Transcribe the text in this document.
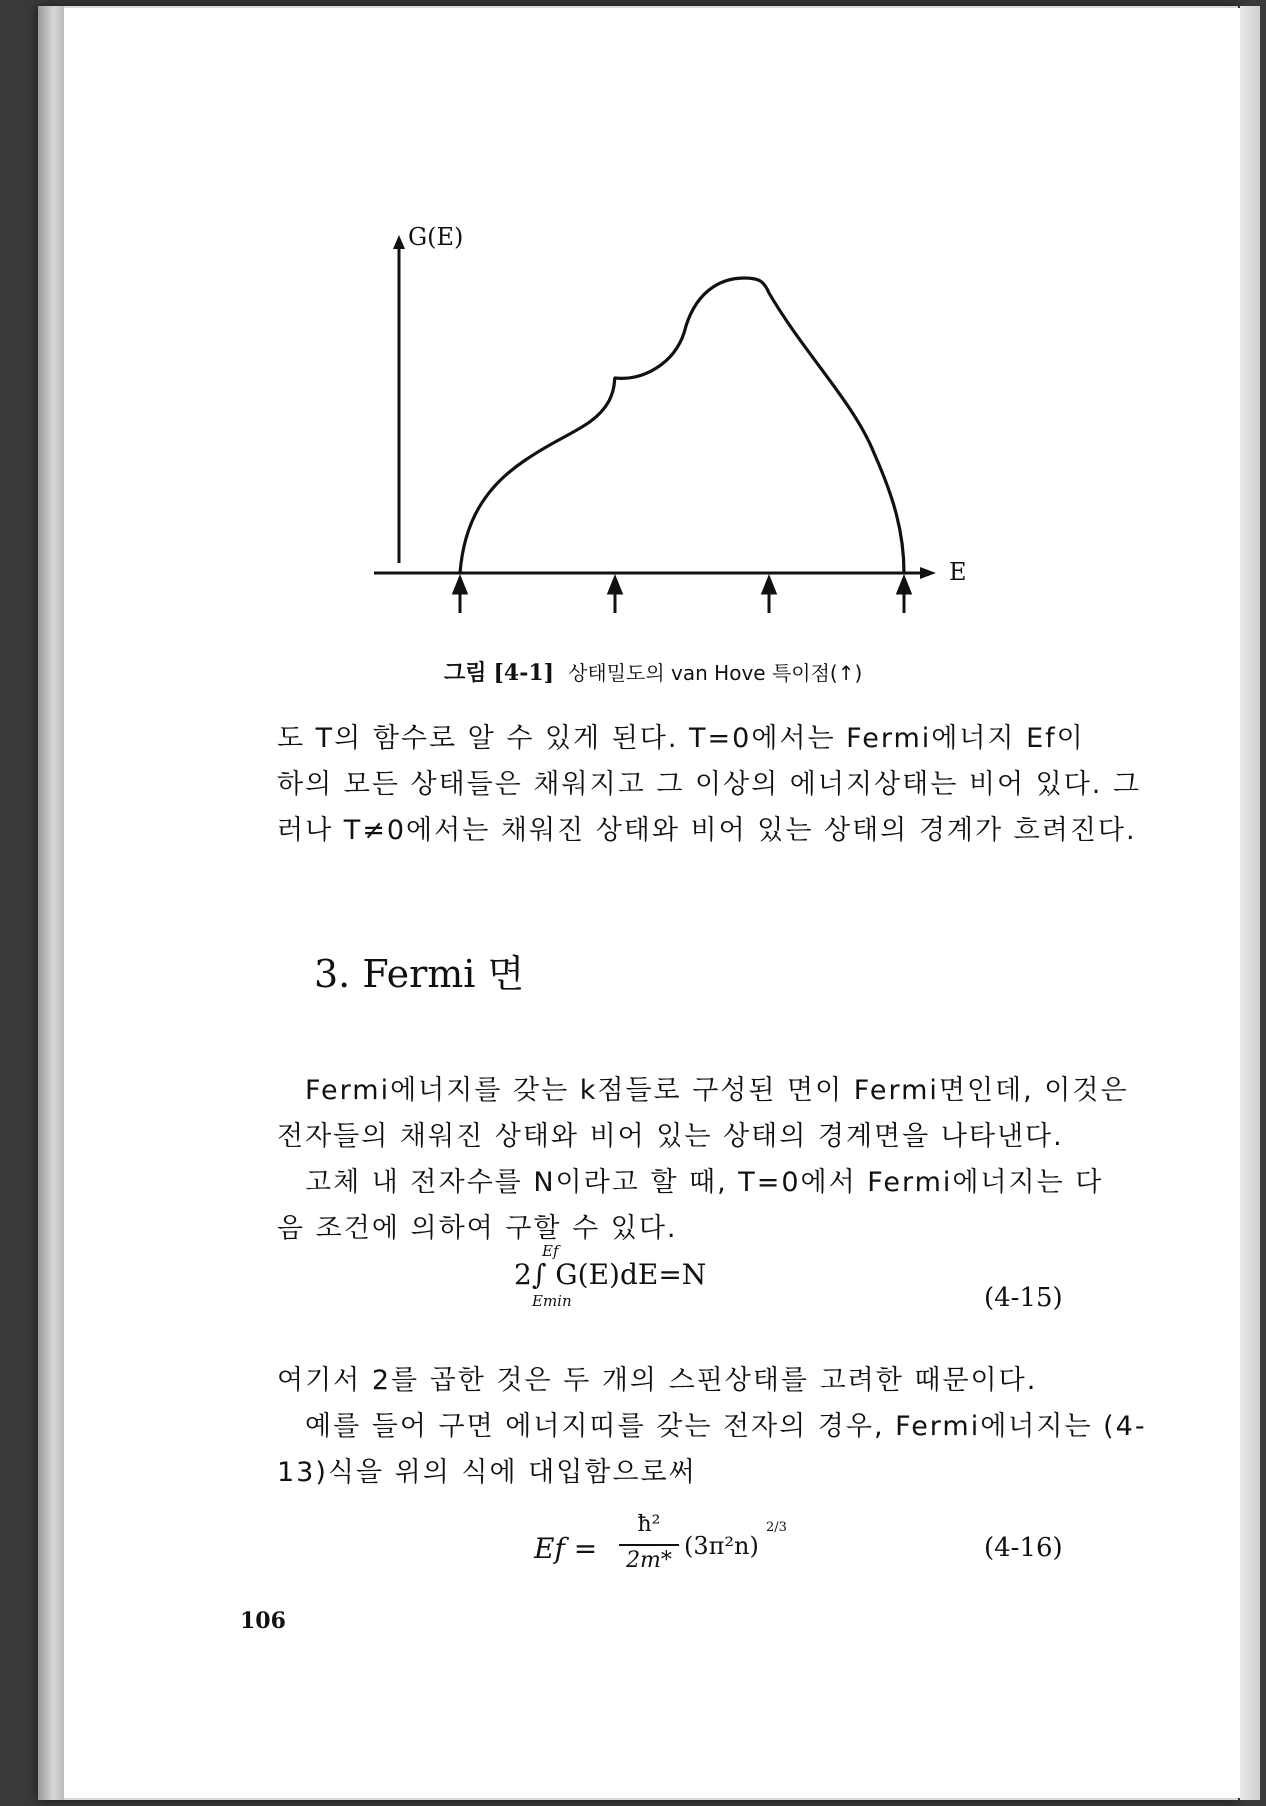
G(E)
E
그림 [4-1] 상태밀도의 van Hove 특이점(↑)
도 T의 함수로 알 수 있게 된다. T=0에서는 Fermi에너지 Ef이
하의 모든 상태들은 채워지고 그 이상의 에너지상태는 비어 있다. 그
러나 T≠0에서는 채워진 상태와 비어 있는 상태의 경계가 흐려진다.
3. Fermi 면
Fermi에너지를 갖는 k점들로 구성된 면이 Fermi면인데, 이것은
전자들의 채워진 상태와 비어 있는 상태의 경계면을 나타낸다.
고체 내 전자수를 N이라고 할 때, T=0에서 Fermi에너지는 다
음 조건에 의하여 구할 수 있다.
2∫ G(E)dE=N
Ef
Emin	(4-15)
여기서 2를 곱한 것은 두 개의 스핀상태를 고려한 때문이다.
예를 들어 구면 에너지띠를 갖는 전자의 경우, Fermi에너지는 (4-
13)식을 위의 식에 대입함으로써
Ef =
ħ²
2m*
(3π²n)
2/3
(4-16)
106
